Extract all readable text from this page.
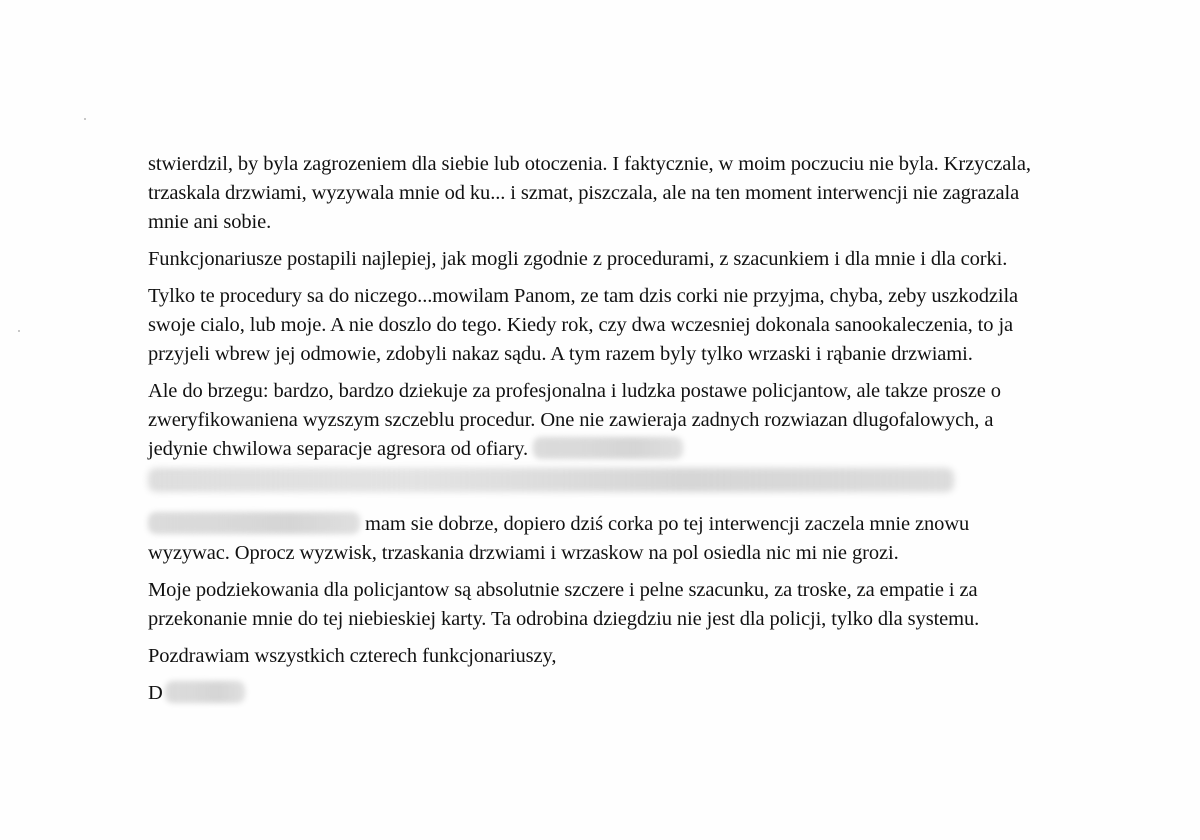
stwierdzil, by byla zagrozeniem dla siebie lub otoczenia. I faktycznie, w moim poczuciu nie byla. Krzyczala, trzaskala drzwiami, wyzywala mnie od ku... i szmat, piszczala, ale na ten moment interwencji nie zagrazala mnie ani sobie.

Funkcjonariusze postapili najlepiej, jak mogli zgodnie z procedurami, z szacunkiem i dla mnie i dla corki.

Tylko te procedury sa do niczego...mowilam Panom, ze tam dzis corki nie przyjma, chyba, zeby uszkodzila swoje cialo, lub moje. A nie doszlo do tego. Kiedy rok, czy dwa wczesniej dokonala sanookaleczenia, to ja przyjeli wbrew jej odmowie, zdobyli nakaz sądu. A tym razem byly tylko wrzaski i rąbanie drzwiami.

Ale do brzegu: bardzo, bardzo dziekuje za profesjonalna i ludzka postawe policjantow, ale takze prosze o zweryfikowaniena wyzszym szczeblu procedur. One nie zawieraja zadnych rozwiazan dlugofalowych, a jedynie chwilowa separacje agresora od ofiary.

mam sie dobrze, dopiero dziś corka po tej interwencji zaczela mnie znowu wyzywac. Oprocz wyzwisk, trzaskania drzwiami i wrzaskow na pol osiedla nic mi nie grozi.

Moje podziekowania dla policjantow są absolutnie szczere i pelne szacunku, za troske, za empatie i za przekonanie mnie do tej niebieskiej karty. Ta odrobina dziegdziu nie jest dla policji, tylko dla systemu.

Pozdrawiam wszystkich czterech funkcjonariuszy,

D
